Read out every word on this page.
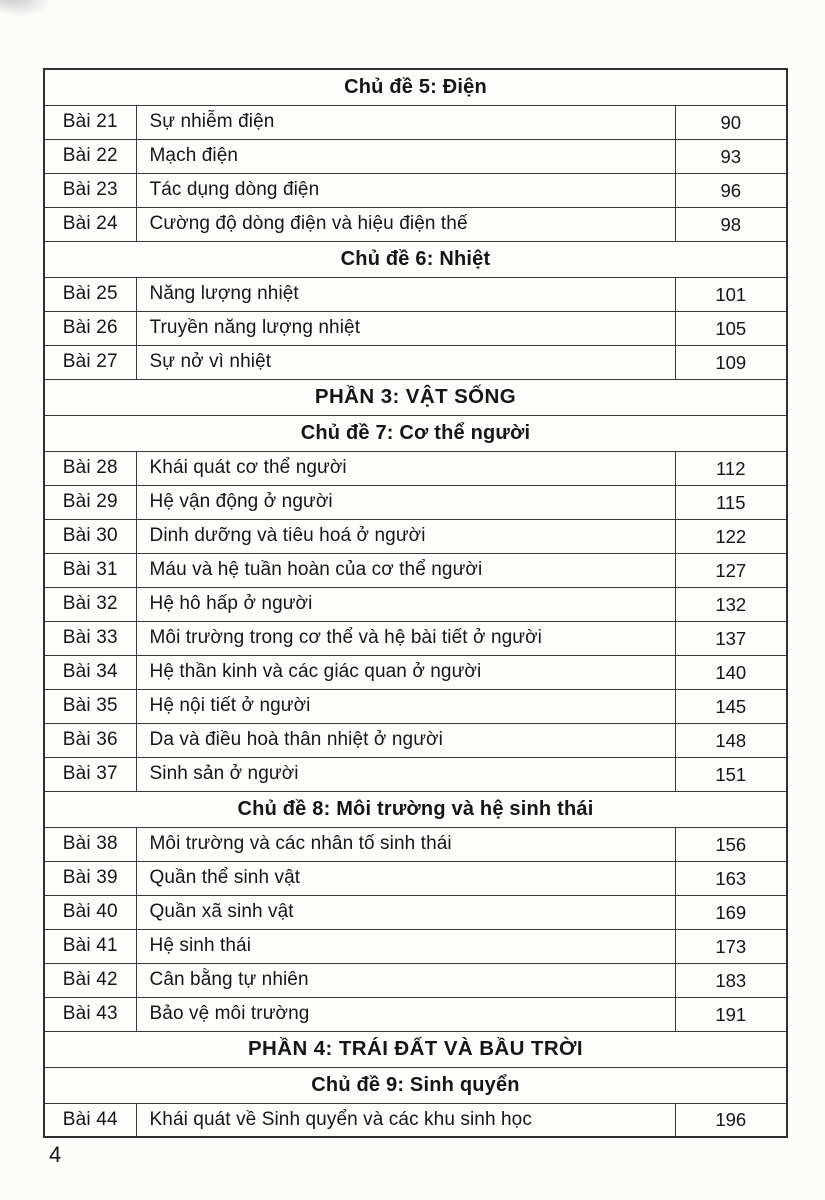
Chủ đề 5: Điện		
Bài 21	Sự nhiễm điện	90
Bài 22	Mạch điện	93
Bài 23	Tác dụng dòng điện	96
Bài 24	Cường độ dòng điện và hiệu điện thế	98
Chủ đề 6: Nhiệt		
Bài 25	Năng lượng nhiệt	101
Bài 26	Truyền năng lượng nhiệt	105
Bài 27	Sự nở vì nhiệt	109
PHẦN 3: VẬT SỐNG		
Chủ đề 7: Cơ thể người		
Bài 28	Khái quát cơ thể người	112
Bài 29	Hệ vận động ở người	115
Bài 30	Dinh dưỡng và tiêu hoá ở người	122
Bài 31	Máu và hệ tuần hoàn của cơ thể người	127
Bài 32	Hệ hô hấp ở người	132
Bài 33	Môi trường trong cơ thể và hệ bài tiết ở người	137
Bài 34	Hệ thần kinh và các giác quan ở người	140
Bài 35	Hệ nội tiết ở người	145
Bài 36	Da và điều hoà thân nhiệt ở người	148
Bài 37	Sinh sản ở người	151
Chủ đề 8: Môi trường và hệ sinh thái		
Bài 38	Môi trường và các nhân tố sinh thái	156
Bài 39	Quần thể sinh vật	163
Bài 40	Quần xã sinh vật	169
Bài 41	Hệ sinh thái	173
Bài 42	Cân bằng tự nhiên	183
Bài 43	Bảo vệ môi trường	191
PHẦN 4: TRÁI ĐẤT VÀ BẦU TRỜI		
Chủ đề 9: Sinh quyển		
Bài 44	Khái quát về Sinh quyển và các khu sinh học	196
4
